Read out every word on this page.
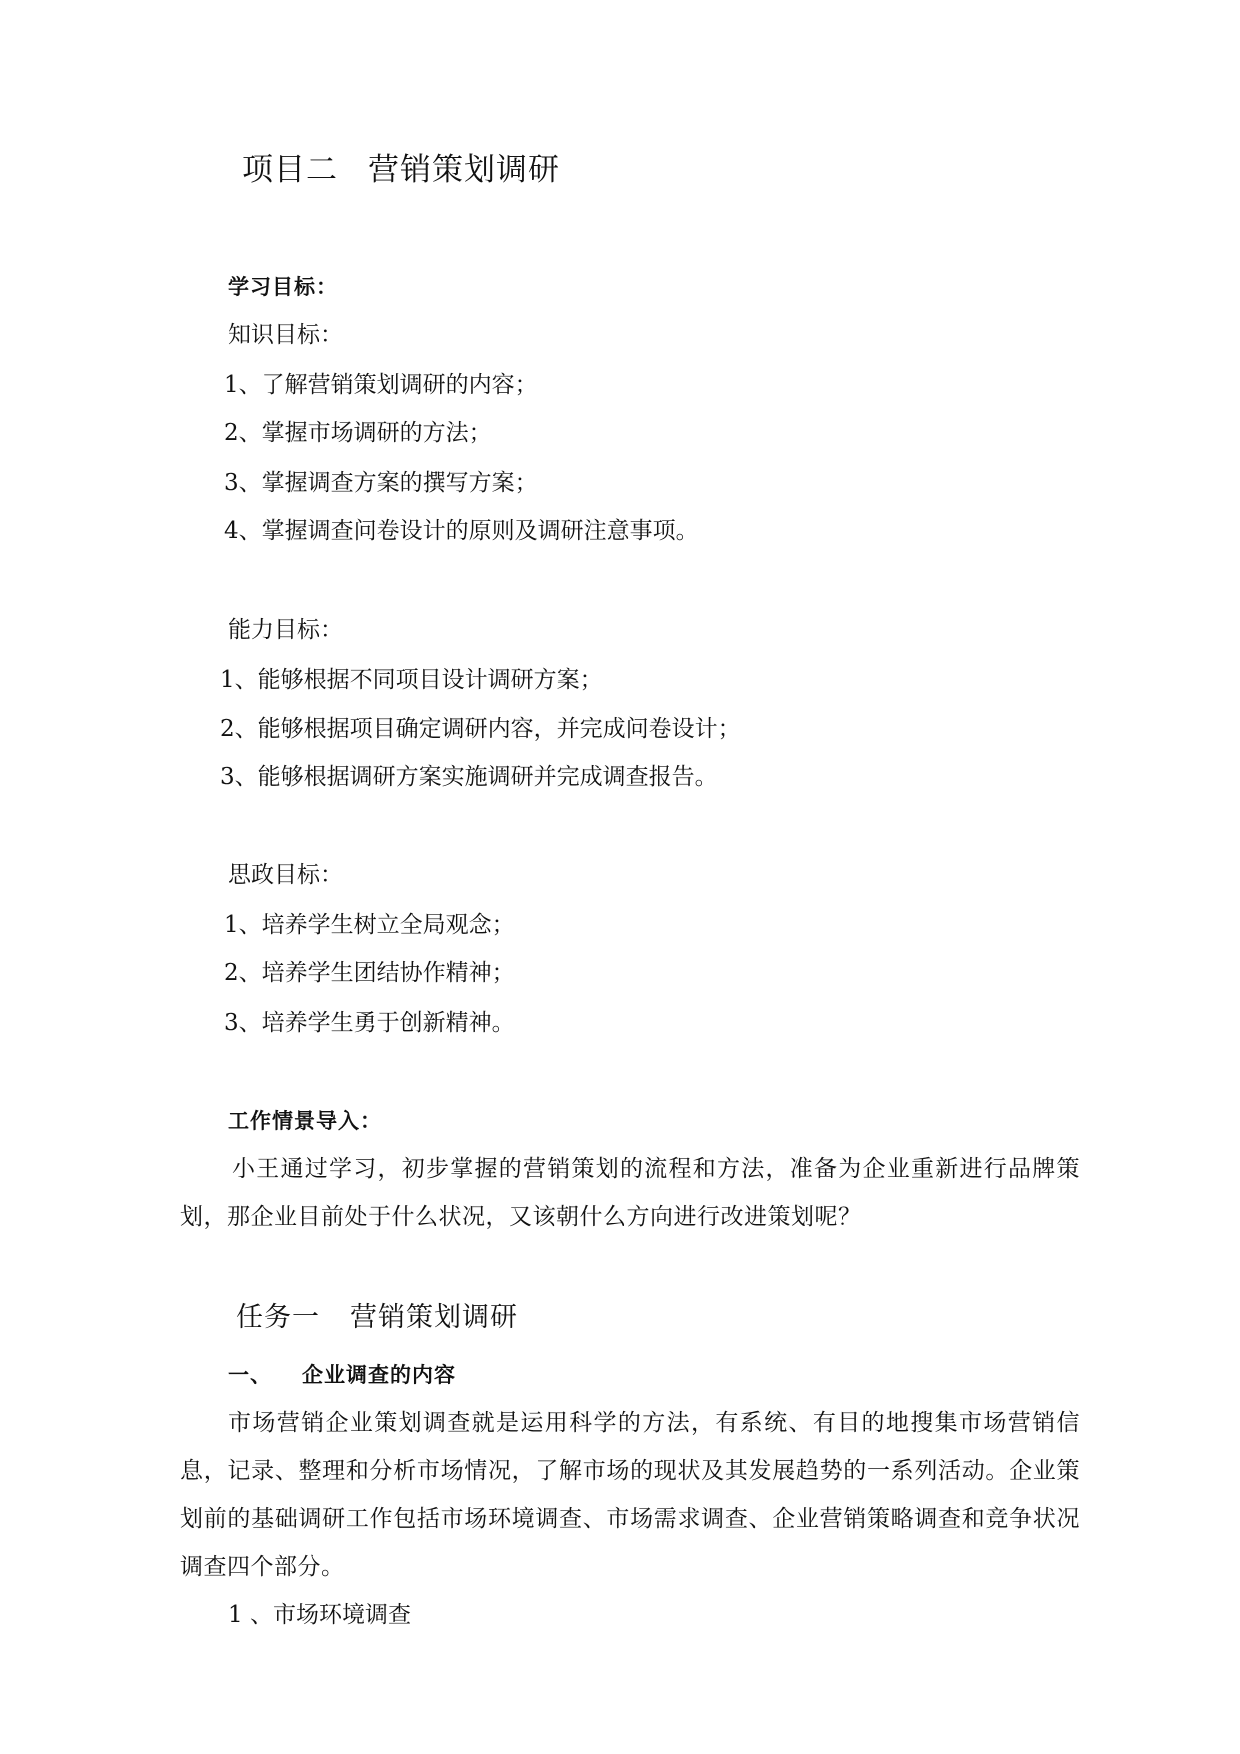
项目二 营销策划调研
学习目标：
知识目标：
1、了解营销策划调研的内容；
2、掌握市场调研的方法；
3、掌握调查方案的撰写方案；
4、掌握调查问卷设计的原则及调研注意事项。
能力目标：
1、能够根据不同项目设计调研方案；
2、能够根据项目确定调研内容，并完成问卷设计；
3、能够根据调研方案实施调研并完成调查报告。
思政目标：
1、培养学生树立全局观念；
2、培养学生团结协作精神；
3、培养学生勇于创新精神。
工作情景导入：
小王通过学习，初步掌握的营销策划的流程和方法，准备为企业重新进行品牌策划，那企业目前处于什么状况，又该朝什么方向进行改进策划呢？
任务一 营销策划调研
一、 企业调查的内容
市场营销企业策划调查就是运用科学的方法，有系统、有目的地搜集市场营销信息，记录、整理和分析市场情况，了解市场的现状及其发展趋势的一系列活动。企业策划前的基础调研工作包括市场环境调查、市场需求调查、企业营销策略调查和竞争状况调查四个部分。
1 、市场环境调查
